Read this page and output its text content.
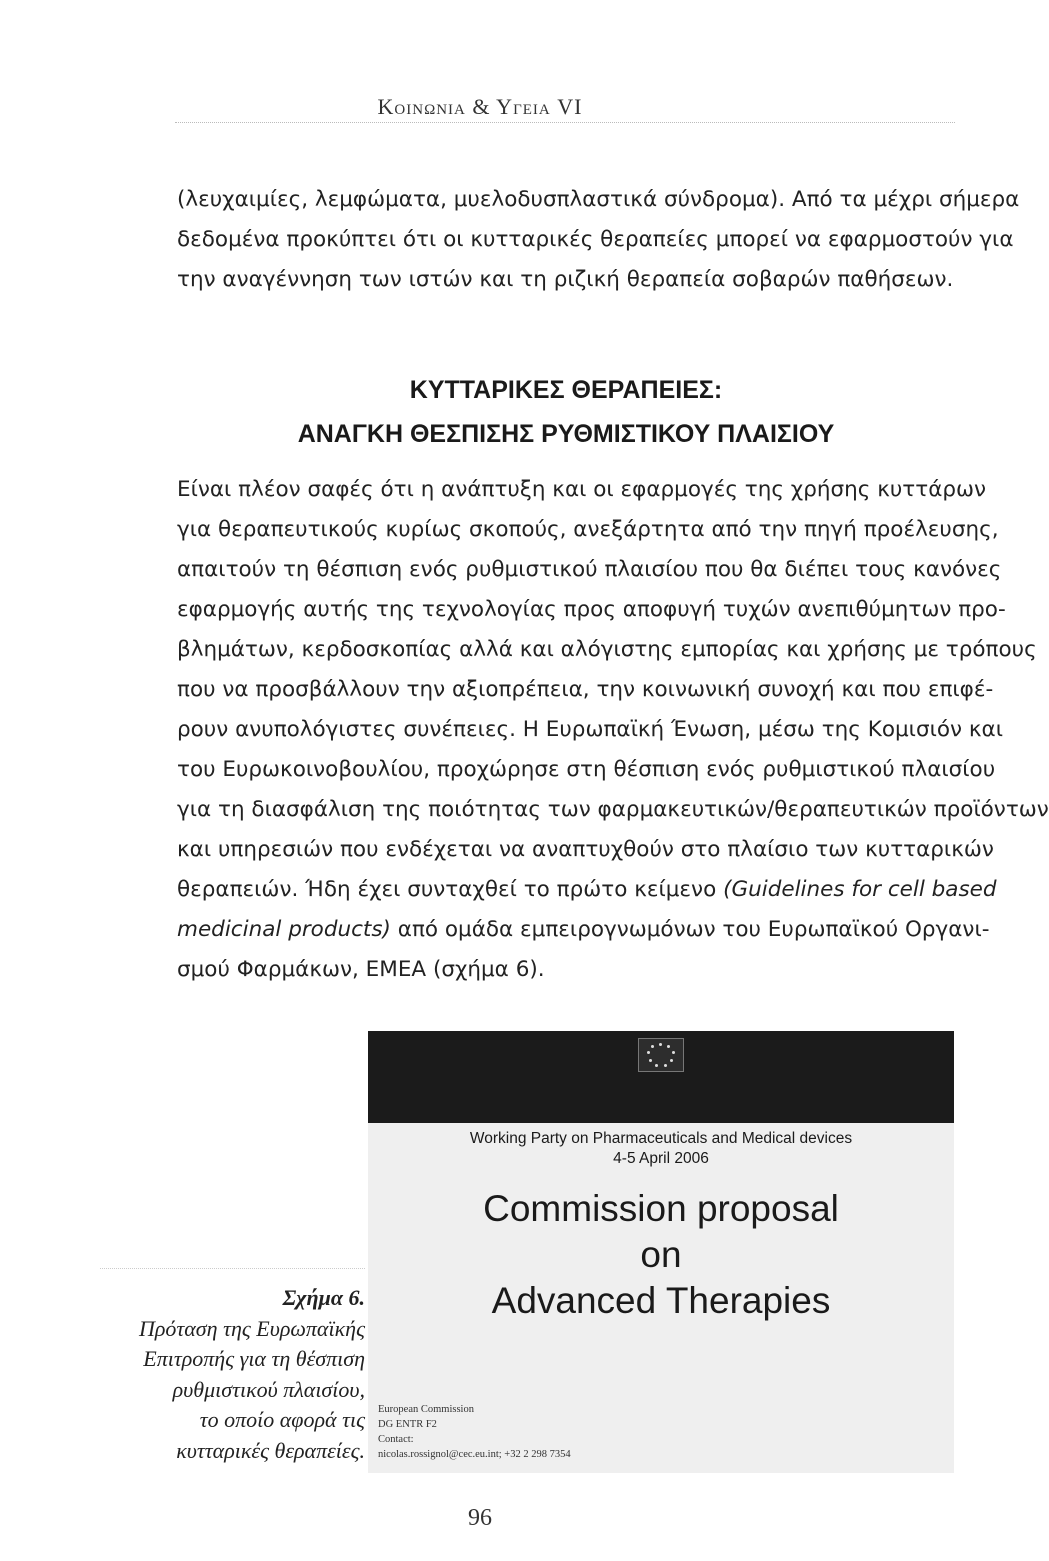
Κοινωνια & Υγεια VI
(λευχαιμίες, λεμφώματα, μυελοδυσπλαστικά σύνδρομα). Από τα μέχρι σήμερα
δεδομένα προκύπτει ότι οι κυτταρικές θεραπείες μπορεί να εφαρμοστούν για
την αναγέννηση των ιστών και τη ριζική θεραπεία σοβαρών παθήσεων.
ΚΥΤΤΑΡΙΚΕΣ ΘΕΡΑΠΕΙΕΣ:
ΑΝΑΓΚΗ ΘΕΣΠΙΣΗΣ ΡΥΘΜΙΣΤΙΚΟΥ ΠΛΑΙΣΙΟΥ
Είναι πλέον σαφές ότι η ανάπτυξη και οι εφαρμογές της χρήσης κυττάρων
για θεραπευτικούς κυρίως σκοπούς, ανεξάρτητα από την πηγή προέλευσης,
απαιτούν τη θέσπιση ενός ρυθμιστικού πλαισίου που θα διέπει τους κανόνες
εφαρμογής αυτής της τεχνολογίας προς αποφυγή τυχών ανεπιθύμητων προ-
βλημάτων, κερδοσκοπίας αλλά και αλόγιστης εμπορίας και χρήσης με τρόπους
που να προσβάλλουν την αξιοπρέπεια, την κοινωνική συνοχή και που επιφέ-
ρουν ανυπολόγιστες συνέπειες. Η Ευρωπαϊκή Ένωση, μέσω της Κομισιόν και
του Ευρωκοινοβουλίου, προχώρησε στη θέσπιση ενός ρυθμιστικού πλαισίου
για τη διασφάλιση της ποιότητας των φαρμακευτικών/θεραπευτικών προϊόντων
και υπηρεσιών που ενδέχεται να αναπτυχθούν στο πλαίσιο των κυτταρικών
θεραπειών. Ήδη έχει συνταχθεί το πρώτο κείμενο (Guidelines for cell based
medicinal products) από ομάδα εμπειρογνωμόνων του Ευρωπαϊκού Οργανι-
σμού Φαρμάκων, ΕΜΕΑ (σχήμα 6).
Σχήμα 6.
Πρόταση της Ευρωπαϊκής
Επιτροπής για τη θέσπιση
ρυθμιστικού πλαισίου,
το οποίο αφορά τις
κυτταρικές θεραπείες.
Working Party on Pharmaceuticals and Medical devices
4-5 April 2006
Commission proposal
on
Advanced Therapies
European Commission
DG ENTR F2
Contact:
nicolas.rossignol@cec.eu.int; +32 2 298 7354
96
